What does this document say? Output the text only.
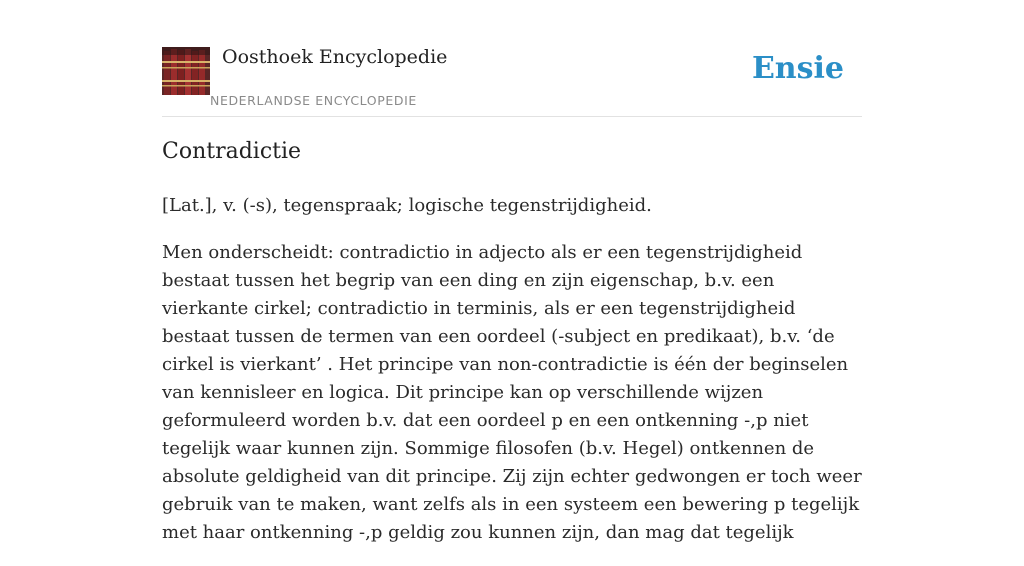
Oosthoek Encyclopedie
NEDERLANDSE ENCYCLOPEDIE
Ensie
Contradictie

[Lat.], v. (-s), tegenspraak; logische tegenstrijdigheid.

Men onderscheidt: contradictio in adjecto als er een tegenstrijdigheid bestaat tussen het begrip van een ding en zijn eigenschap, b.v. een vierkante cirkel; contradictio in terminis, als er een tegenstrijdigheid bestaat tussen de termen van een oordeel (-subject en predikaat), b.v. ‘de cirkel is vierkant’ . Het principe van non-contradictie is één der beginselen van kennisleer en logica. Dit principe kan op verschillende wijzen geformuleerd worden b.v. dat een oordeel p en een ontkenning -,p niet tegelijk waar kunnen zijn. Sommige filosofen (b.v. Hegel) ontkennen de absolute geldigheid van dit principe. Zij zijn echter gedwongen er toch weer gebruik van te maken, want zelfs als in een systeem een bewering p tegelijk met haar ontkenning -,p geldig zou kunnen zijn, dan mag dat tegelijk
